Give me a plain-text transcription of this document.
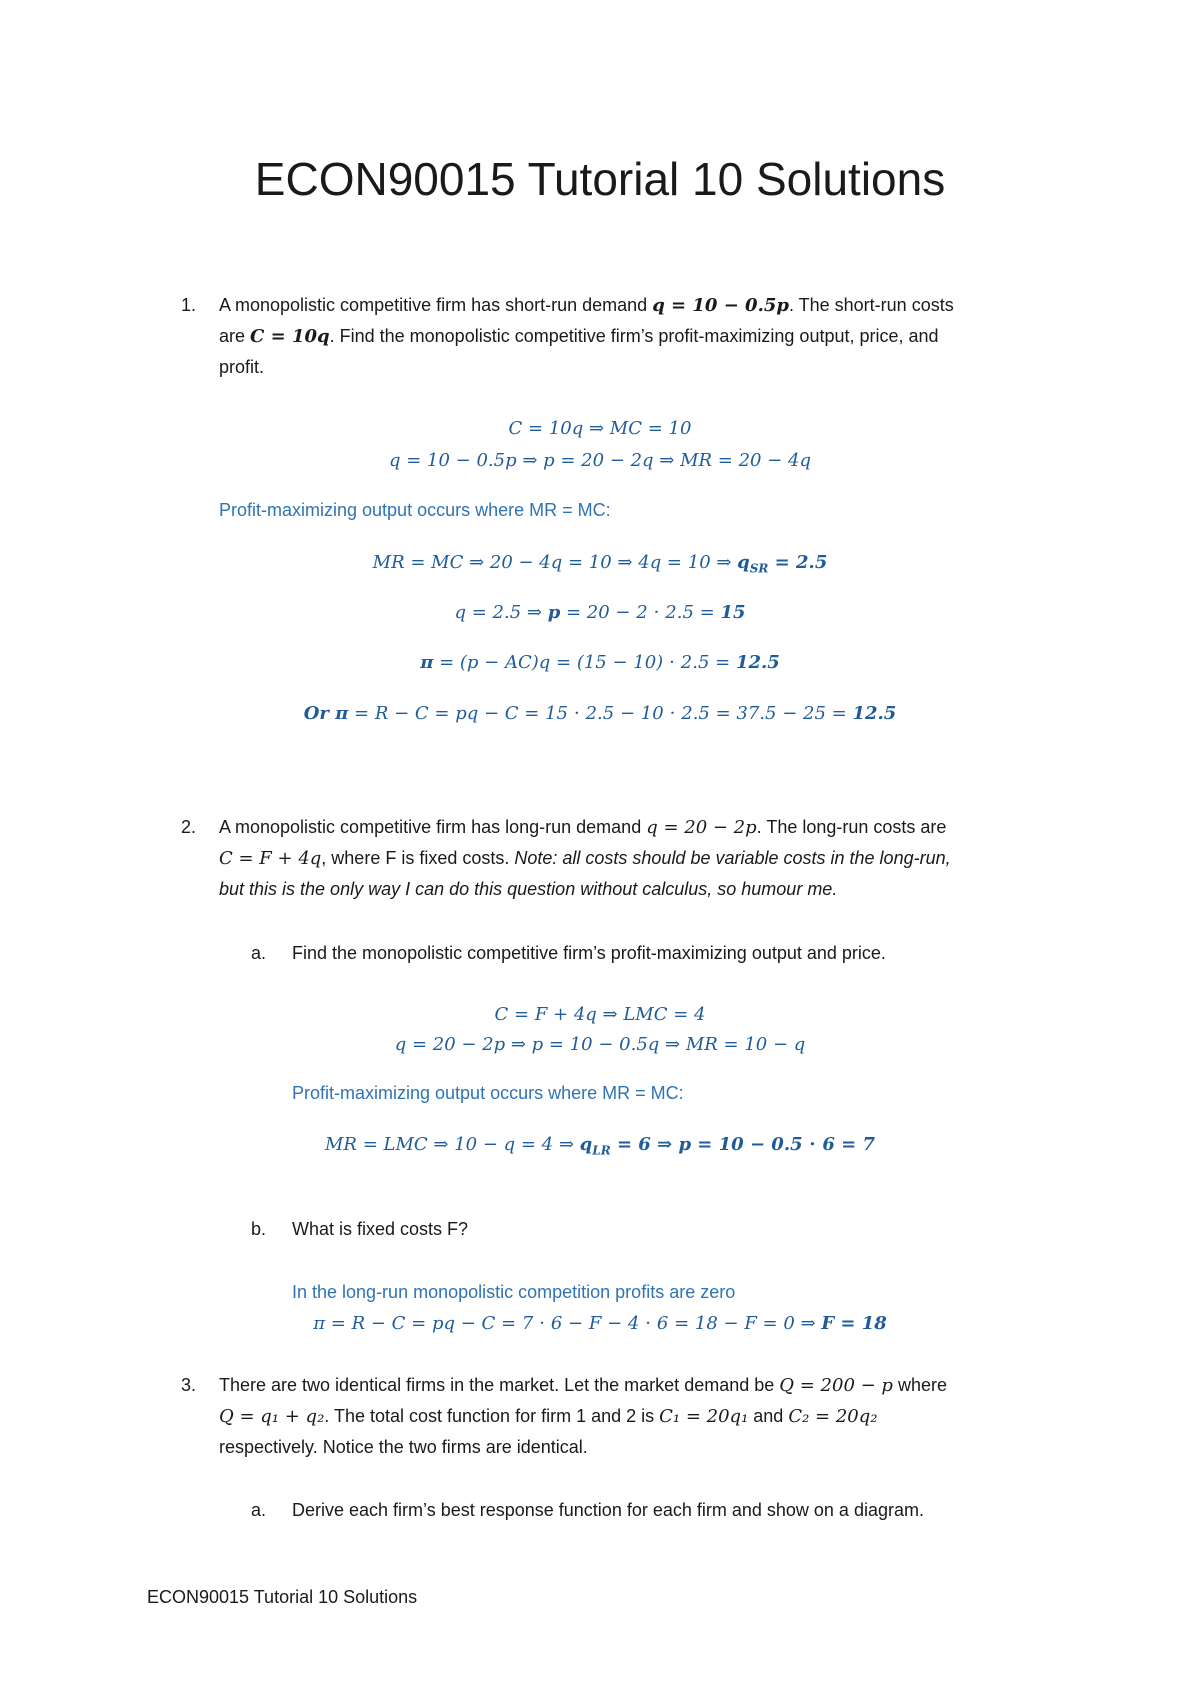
ECON90015 Tutorial 10 Solutions
1. A monopolistic competitive firm has short-run demand q = 10 − 0.5p. The short-run costs
are C = 10q. Find the monopolistic competitive firm’s profit-maximizing output, price, and
profit.
C = 10q ⇒ MC = 10
q = 10 − 0.5p ⇒ p = 20 − 2q ⇒ MR = 20 − 4q
Profit-maximizing output occurs where MR = MC:
MR = MC ⇒ 20 − 4q = 10 ⇒ 4q = 10 ⇒ $q_{SR} = 2.5$
q = 2.5 ⇒ p = 20 − 2 ⋅ 2.5 = 15
π = (p − AC)q = (15 − 10) ⋅ 2.5 = 12.5
Or π = R − C = pq − C = 15 ⋅ 2.5 − 10 ⋅ 2.5 = 37.5 − 25 = 12.5
2. A monopolistic competitive firm has long-run demand q = 20 − 2p. The long-run costs are
C = F + 4q, where F is fixed costs. Note: all costs should be variable costs in the long-run,
but this is the only way I can do this question without calculus, so humour me.
a. Find the monopolistic competitive firm’s profit-maximizing output and price.
C = F + 4q ⇒ LMC = 4
q = 20 − 2p ⇒ p = 10 − 0.5q ⇒ MR = 10 − q
Profit-maximizing output occurs where MR = MC:
MR = LMC ⇒ 10 − q = 4 ⇒ $q_{LR} = 6$ ⇒ p = 10 − 0.5 ⋅ 6 = 7
b. What is fixed costs F?
In the long-run monopolistic competition profits are zero
π = R − C = pq − C = 7 ⋅ 6 − F − 4 ⋅ 6 = 18 − F = 0 ⇒ F = 18
3. There are two identical firms in the market. Let the market demand be Q = 200 − p where
Q = q₁ + q₂. The total cost function for firm 1 and 2 is C₁ = 20q₁ and C₂ = 20q₂
respectively. Notice the two firms are identical.
a. Derive each firm’s best response function for each firm and show on a diagram.
ECON90015 Tutorial 10 Solutions
